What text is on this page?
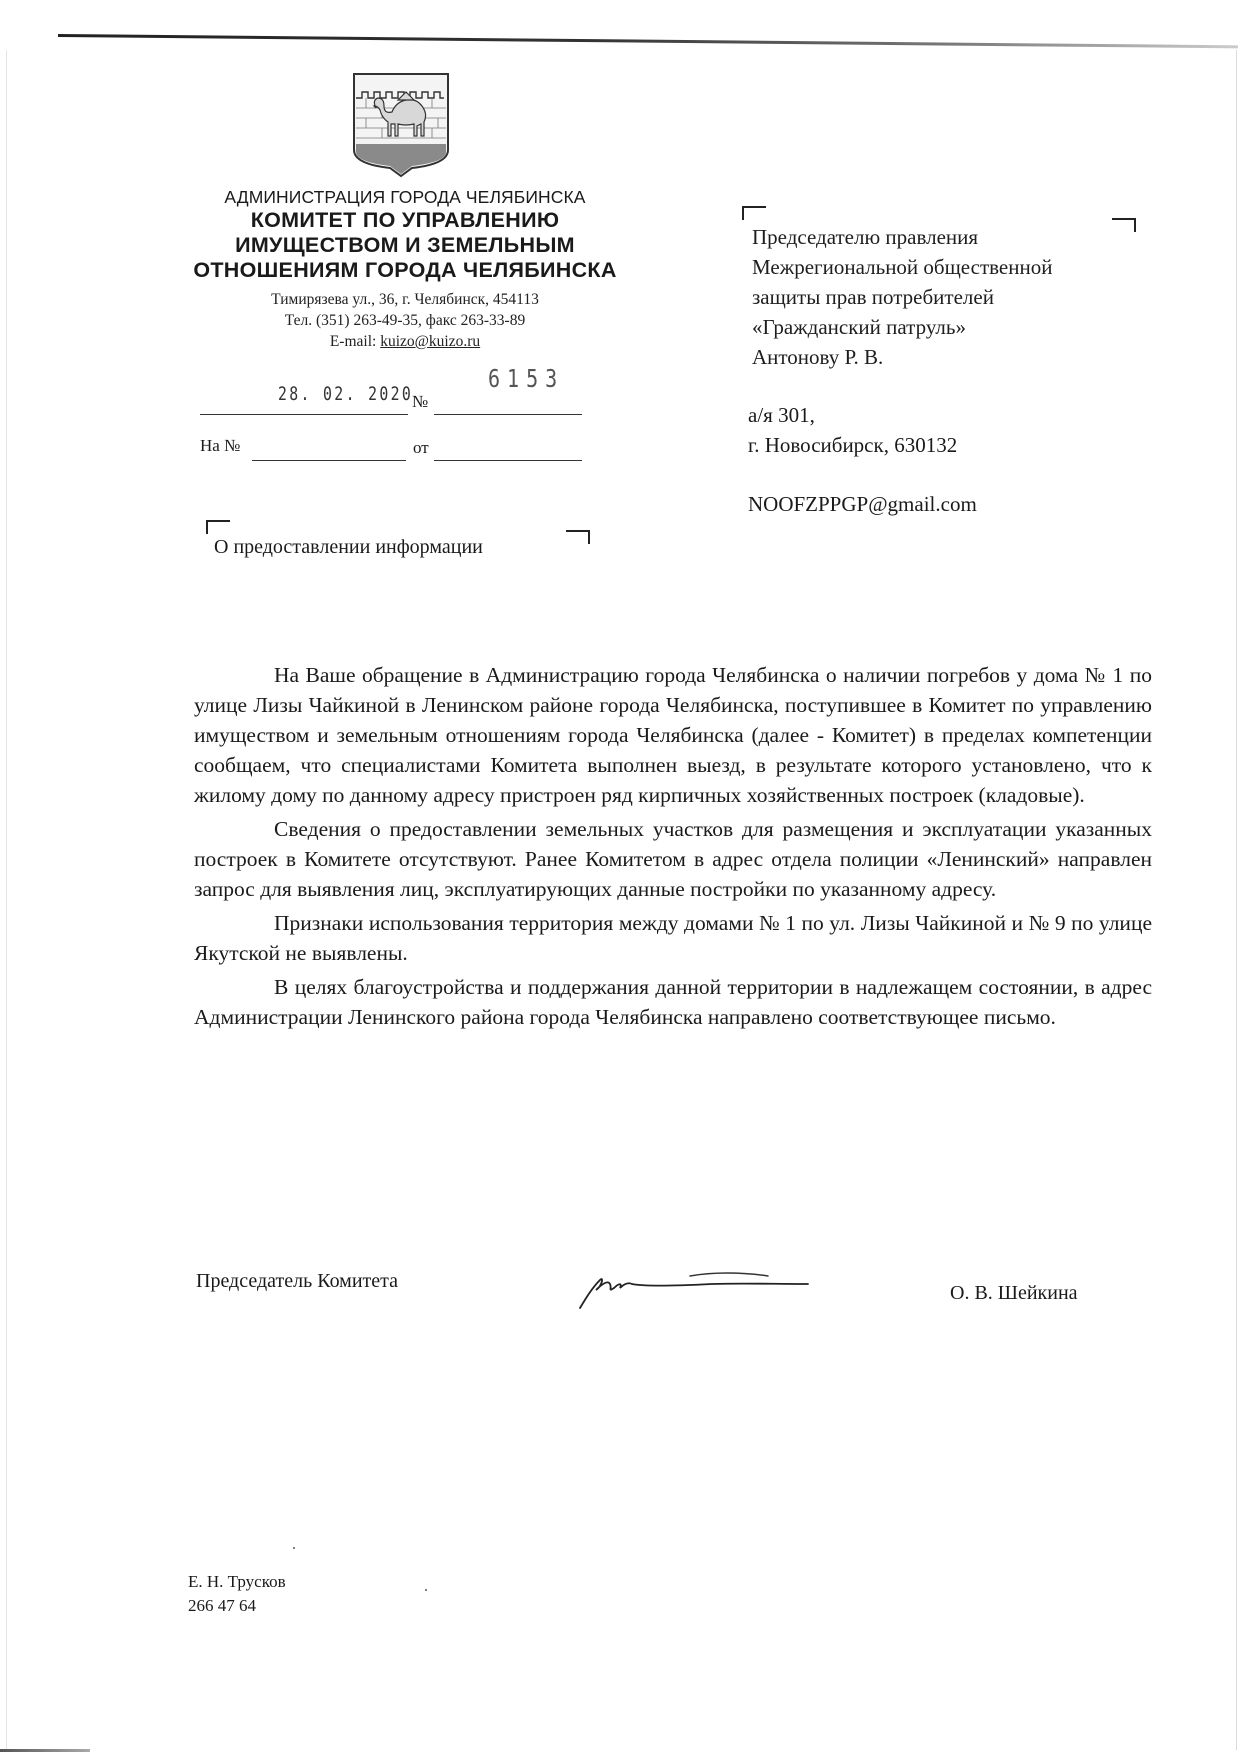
АДМИНИСТРАЦИЯ ГОРОДА ЧЕЛЯБИНСКА

КОМИТЕТ ПО УПРАВЛЕНИЮ

ИМУЩЕСТВОМ И ЗЕМЕЛЬНЫМ

ОТНОШЕНИЯМ ГОРОДА ЧЕЛЯБИНСКА

Тимирязева ул., 36, г. Челябинск, 454113
Тел. (351) 263-49-35, факс 263-33-89
E-mail: kuizo@kuizo.ru
6153
28. 02. 2020
№
На №	от
Председателю правления
Межрегиональной общественной
защиты прав потребителей
«Гражданский патруль»
Антонову Р. В.
а/я 301,
г. Новосибирск, 630132
NOOFZPPGP@gmail.com
О предоставлении информации

На Ваше обращение в Администрацию города Челябинска о наличии погребов у дома № 1 по улице Лизы Чайкиной в Ленинском районе города Челябинска, поступившее в Комитет по управлению имуществом и земельным отношениям города Челябинска (далее - Комитет) в пределах компетенции сообщаем, что специалистами Комитета выполнен выезд, в результате которого установлено, что к жилому дому по данному адресу пристроен ряд кирпичных хозяйственных построек (кладовые).

Сведения о предоставлении земельных участков для размещения и эксплуатации указанных построек в Комитете отсутствуют. Ранее Комитетом в адрес отдела полиции «Ленинский» направлен запрос для выявления лиц, эксплуатирующих данные постройки по указанному адресу.

Признаки использования территория между домами № 1 по ул. Лизы Чайкиной и № 9 по улице Якутской не выявлены.

В целях благоустройства и поддержания данной территории в надлежащем состоянии, в адрес Администрации Ленинского района города Челябинска направлено соответствующее письмо.

Председатель Комитета
О. В. Шейкина
Е. Н. Трусков
266 47 64
